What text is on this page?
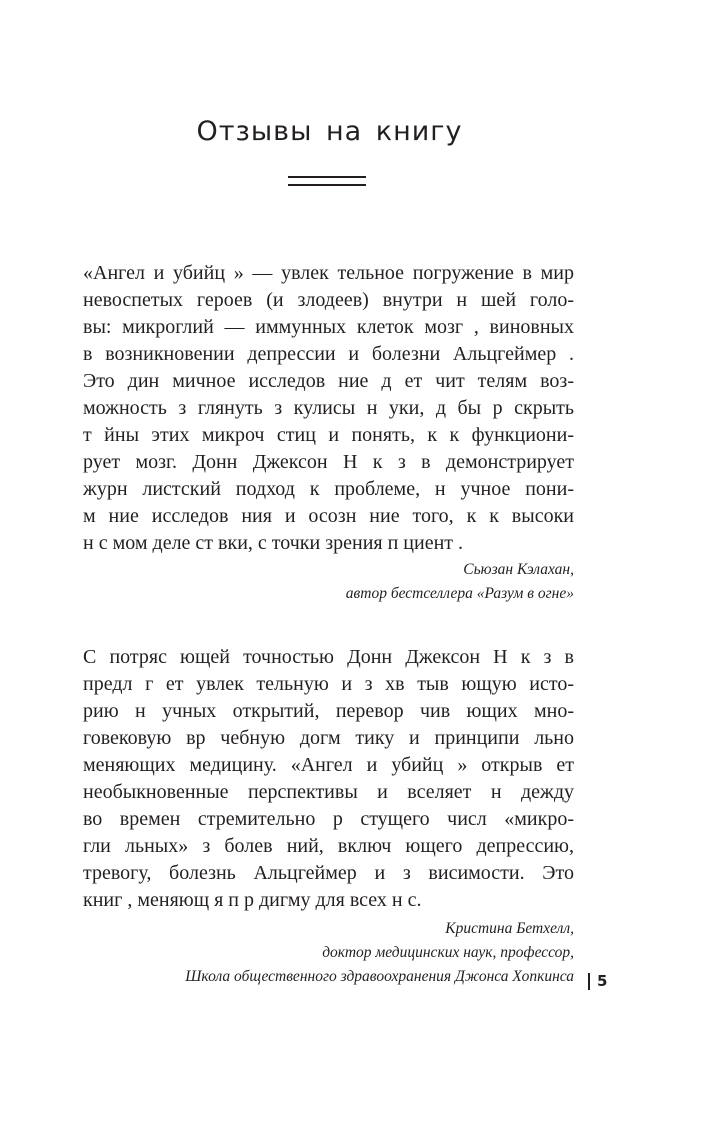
Отзывы на книгу
«Ангел и убийц » — увлек тельное погружение в мир
невоспетых героев (и злодеев) внутри н шей голо-
вы: микроглий — иммунных клеток мозг , виновных
в возникновении депрессии и болезни Альцгеймер .
Это дин мичное исследов ние д ет чит телям воз-
можность з глянуть з кулисы н уки, д бы р скрыть
т йны этих микроч стиц и понять, к к функциони-
рует мозг. Донн Джексон Н к з в демонстрирует
журн листский подход к проблеме, н учное пони-
м ние исследов ния и осозн ние того, к к высоки
н с мом деле ст вки, с точки зрения п циент .
Сьюзан Кэлахан,
автор бестселлера «Разум в огне»
С потряс ющей точностью Донн Джексон Н к з в
предл г ет увлек тельную и з хв тыв ющую исто-
рию н учных открытий, перевор чив ющих мно-
говековую вр чебную догм тику и принципи льно
меняющих медицину. «Ангел и убийц » открыв ет
необыкновенные перспективы и вселяет н дежду
во времен стремительно р стущего числ «микро-
гли льных» з болев ний, включ ющего депрессию,
тревогу, болезнь Альцгеймер и з висимости. Это
книг , меняющ я п р дигму для всех н с.
Кристина Бетхелл,
доктор медицинских наук, профессор,
Школа общественного здравоохранения Джонса Хопкинса 5
